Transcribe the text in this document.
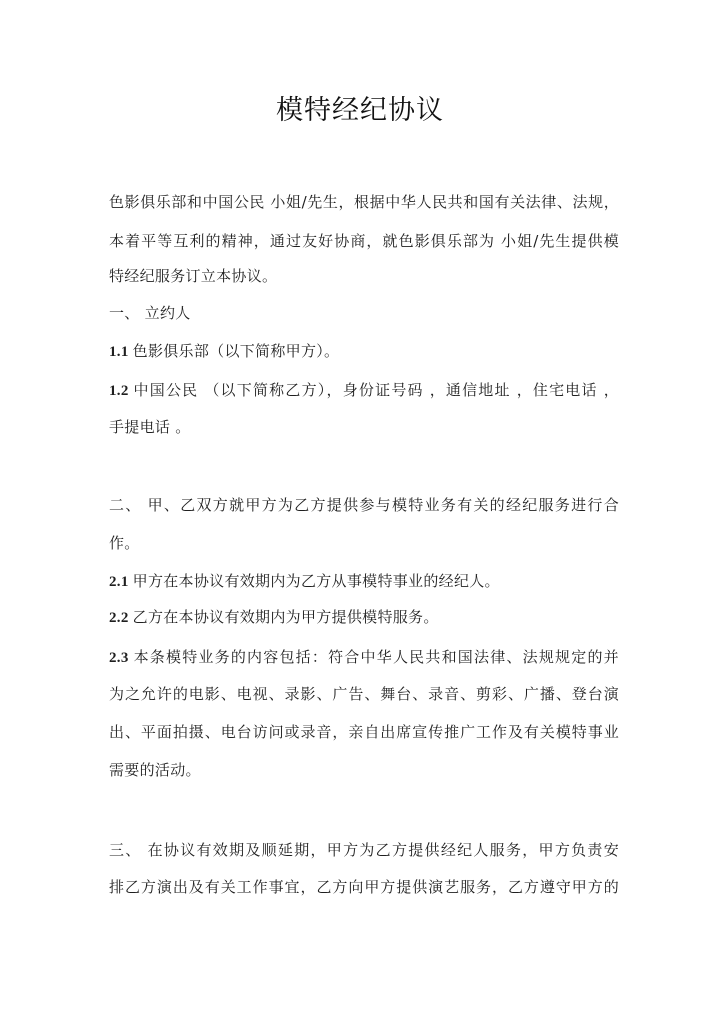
模特经纪协议
色影俱乐部和中国公民 小姐/先生，根据中华人民共和国有关法律、法规，
本着平等互利的精神，通过友好协商，就色影俱乐部为 小姐/先生提供模
特经纪服务订立本协议。
一、 立约人
1.1 色影俱乐部（以下简称甲方）。
1.2 中国公民 （以下简称乙方），身份证号码 ，通信地址 ，住宅电话 ，
手提电话 。
二、 甲、乙双方就甲方为乙方提供参与模特业务有关的经纪服务进行合
作。
2.1 甲方在本协议有效期内为乙方从事模特事业的经纪人。
2.2 乙方在本协议有效期内为甲方提供模特服务。
2.3 本条模特业务的内容包括：符合中华人民共和国法律、法规规定的并
为之允许的电影、电视、录影、广告、舞台、录音、剪彩、广播、登台演
出、平面拍摄、电台访问或录音，亲自出席宣传推广工作及有关模特事业
需要的活动。
三、 在协议有效期及顺延期，甲方为乙方提供经纪人服务，甲方负责安
排乙方演出及有关工作事宜，乙方向甲方提供演艺服务，乙方遵守甲方的
